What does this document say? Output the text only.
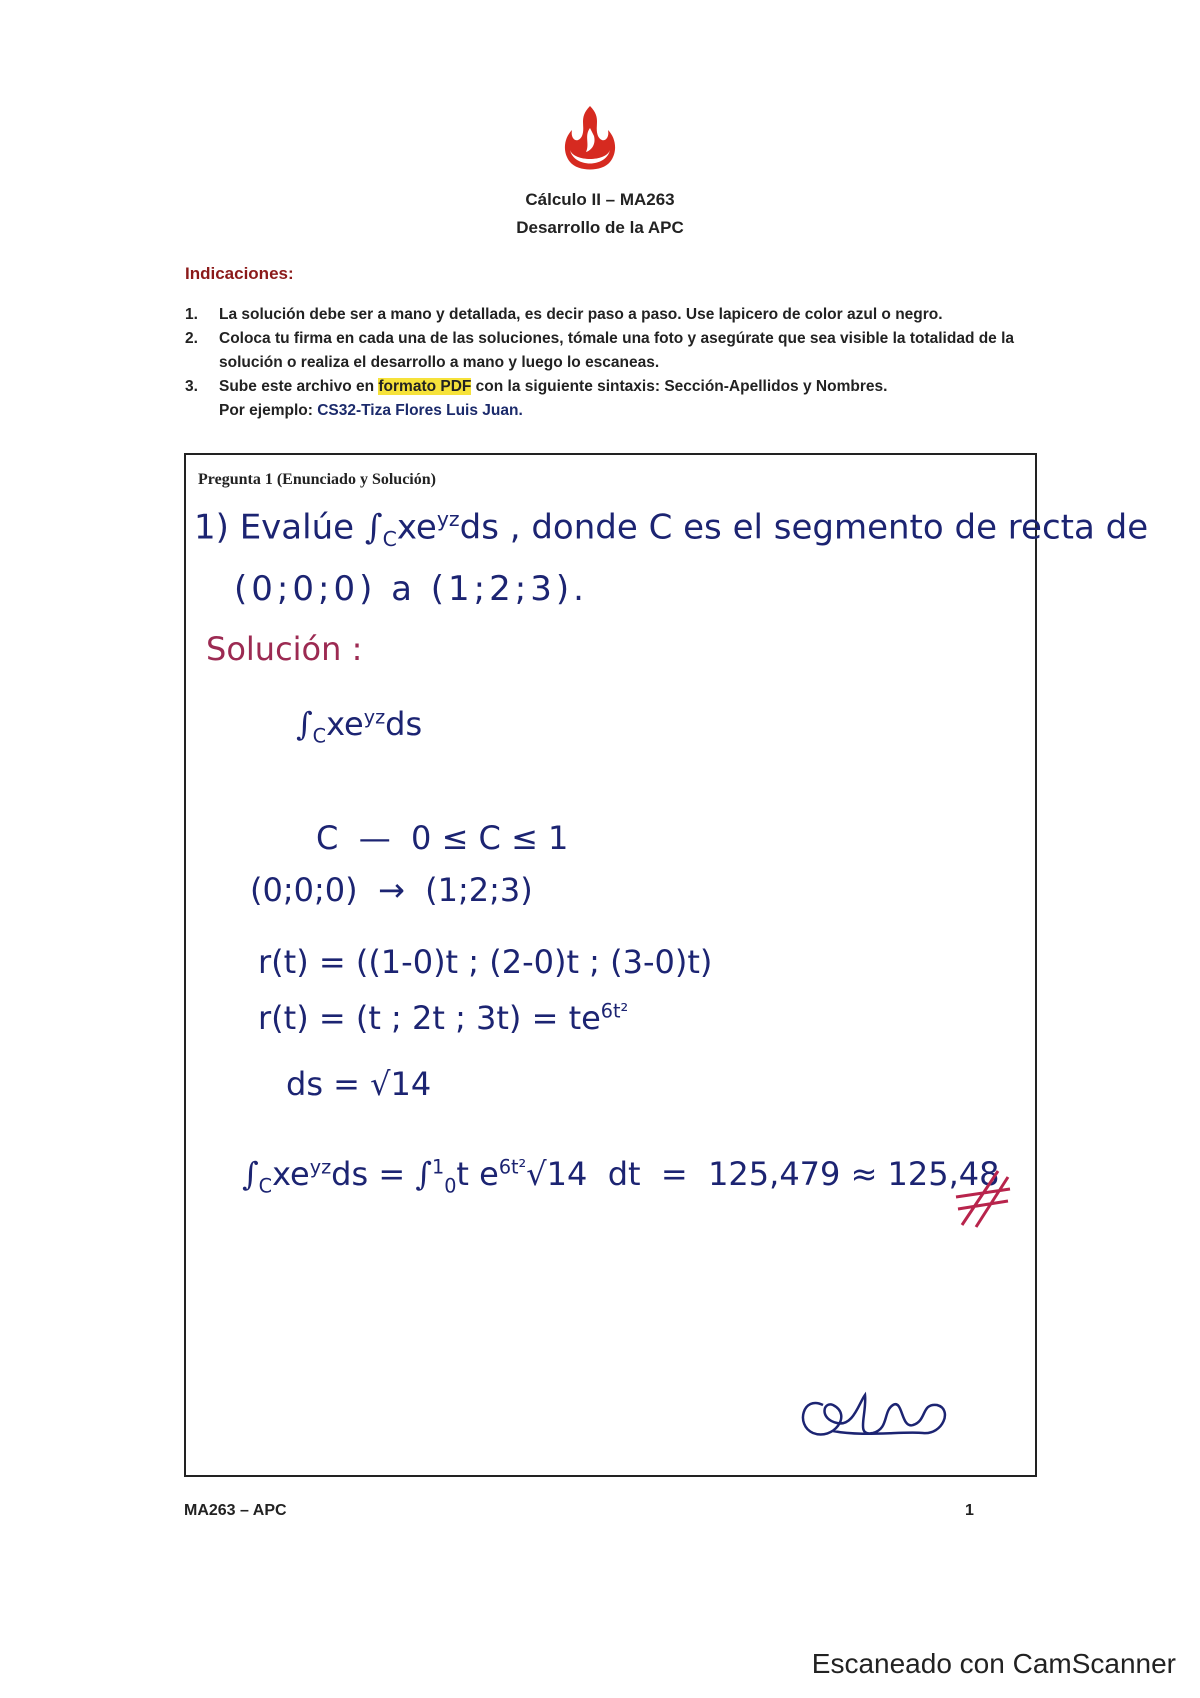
Cálculo II – MA263
Desarrollo de la APC
Indicaciones:
1.	La solución debe ser a mano y detallada, es decir paso a paso. Use lapicero de color azul o negro.
2.	Coloca tu firma en cada una de las soluciones, tómale una foto y asegúrate que sea visible la totalidad de la solución o realiza el desarrollo a mano y luego lo escaneas.
3.	Sube este archivo en formato PDF con la siguiente sintaxis: Sección-Apellidos y Nombres.
Por ejemplo: CS32-Tiza Flores Luis Juan.
Pregunta 1 (Enunciado y Solución)
1) Evalúe $\int_Cxe^{yz}ds$ , donde C es el segmento de recta de
(0;0;0) a (1;2;3).
Solución :
$\int_Cxe^{yz}ds$
C  —  0 ≤ C ≤ 1
(0;0;0)  →  (1;2;3)
r(t) = ((1-0)t ; (2-0)t ; (3-0)t)
r(t) = (t ; 2t ; $3t) = te^{6t^2}$
ds = √14
$\int_Cxe^{yz}ds = \int^1_0t$ $e^{6t^2}√14$  dt  =  125,479 ≈ 125,48
MA263 – APC	1
Escaneado con CamScanner
